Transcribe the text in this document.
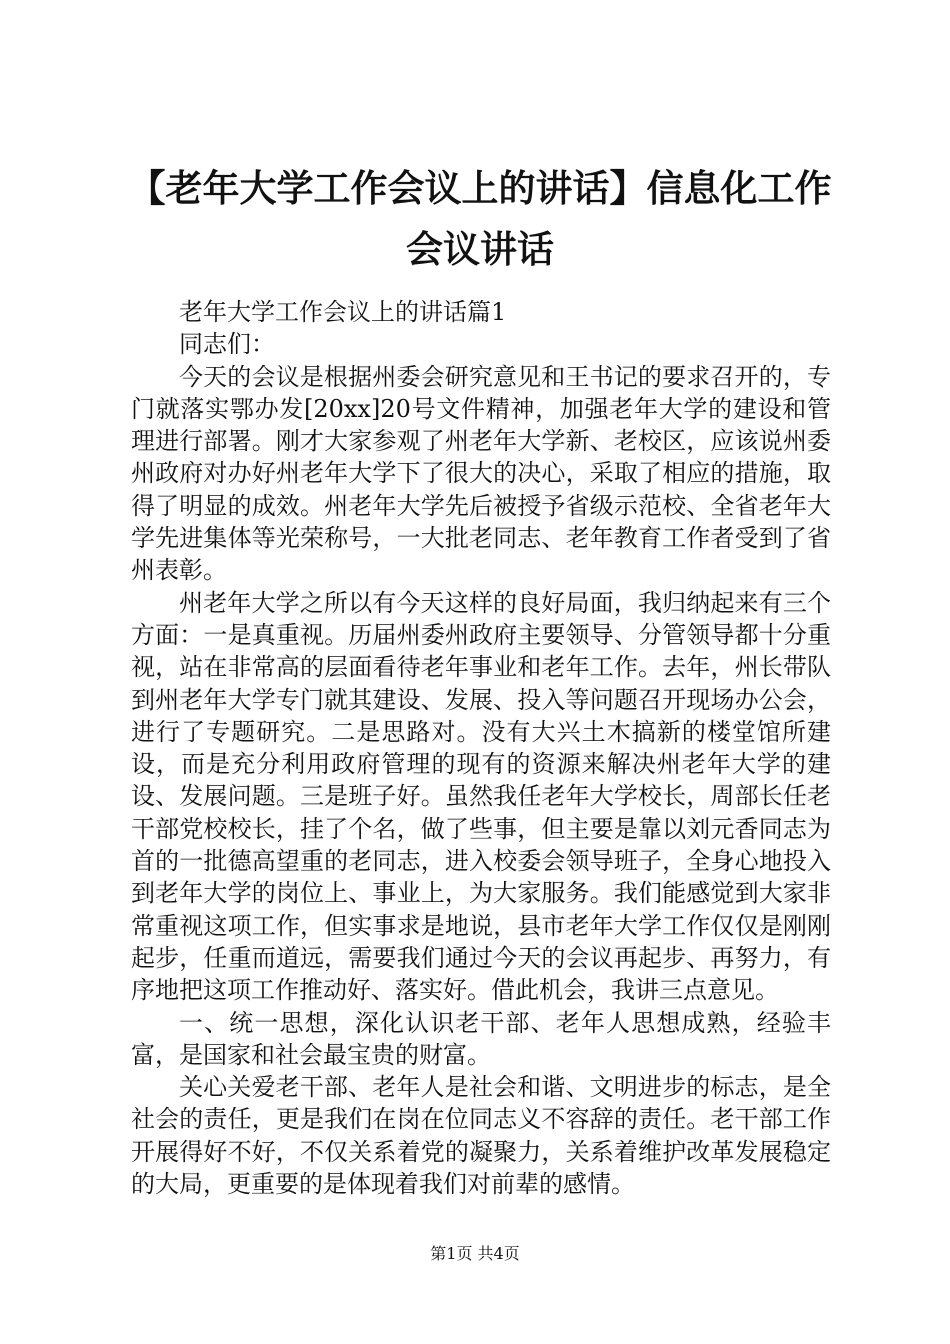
【老年大学工作会议上的讲话】信息化工作会议讲话

老年大学工作会议上的讲话篇1

同志们：

今天的会议是根据州委会研究意见和王书记的要求召开的，专门就落实鄂办发[20xx]20号文件精神，加强老年大学的建设和管理进行部署。刚才大家参观了州老年大学新、老校区，应该说州委州政府对办好州老年大学下了很大的决心，采取了相应的措施，取得了明显的成效。州老年大学先后被授予省级示范校、全省老年大学先进集体等光荣称号，一大批老同志、老年教育工作者受到了省州表彰。

州老年大学之所以有今天这样的良好局面，我归纳起来有三个方面：一是真重视。历届州委州政府主要领导、分管领导都十分重视，站在非常高的层面看待老年事业和老年工作。去年，州长带队到州老年大学专门就其建设、发展、投入等问题召开现场办公会，进行了专题研究。二是思路对。没有大兴土木搞新的楼堂馆所建设，而是充分利用政府管理的现有的资源来解决州老年大学的建设、发展问题。三是班子好。虽然我任老年大学校长，周部长任老干部党校校长，挂了个名，做了些事，但主要是靠以刘元香同志为首的一批德高望重的老同志，进入校委会领导班子，全身心地投入到老年大学的岗位上、事业上，为大家服务。我们能感觉到大家非常重视这项工作，但实事求是地说，县市老年大学工作仅仅是刚刚起步，任重而道远，需要我们通过今天的会议再起步、再努力，有序地把这项工作推动好、落实好。借此机会，我讲三点意见。

一、统一思想，深化认识老干部、老年人思想成熟，经验丰富，是国家和社会最宝贵的财富。

关心关爱老干部、老年人是社会和谐、文明进步的标志，是全社会的责任，更是我们在岗在位同志义不容辞的责任。老干部工作开展得好不好，不仅关系着党的凝聚力，关系着维护改革发展稳定的大局，更重要的是体现着我们对前辈的感情。

第1页 共4页
